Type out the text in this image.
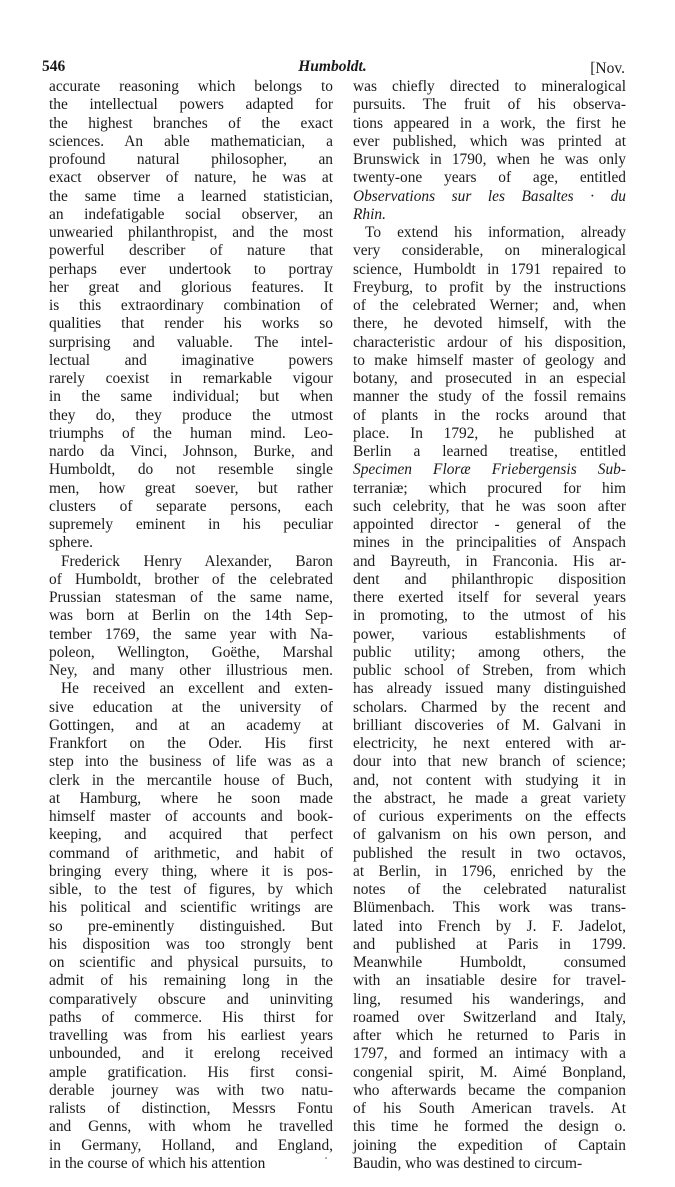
546	Humboldt.	[Nov.
accurate reasoning which belongs to
the intellectual powers adapted for
the highest branches of the exact
sciences. An able mathematician, a
profound natural philosopher, an
exact observer of nature, he was at
the same time a learned statistician,
an indefatigable social observer, an
unwearied philanthropist, and the most
powerful describer of nature that
perhaps ever undertook to portray
her great and glorious features. It
is this extraordinary combination of
qualities that render his works so
surprising and valuable. The intel-
lectual and imaginative powers
rarely coexist in remarkable vigour
in the same individual; but when
they do, they produce the utmost
triumphs of the human mind. Leo-
nardo da Vinci, Johnson, Burke, and
Humboldt, do not resemble single
men, how great soever, but rather
clusters of separate persons, each
supremely eminent in his peculiar
sphere.
Frederick Henry Alexander, Baron
of Humboldt, brother of the celebrated
Prussian statesman of the same name,
was born at Berlin on the 14th Sep-
tember 1769, the same year with Na-
poleon, Wellington, Goëthe, Marshal
Ney, and many other illustrious men.
He received an excellent and exten-
sive education at the university of
Gottingen, and at an academy at
Frankfort on the Oder. His first
step into the business of life was as a
clerk in the mercantile house of Buch,
at Hamburg, where he soon made
himself master of accounts and book-
keeping, and acquired that perfect
command of arithmetic, and habit of
bringing every thing, where it is pos-
sible, to the test of figures, by which
his political and scientific writings are
so pre-eminently distinguished. But
his disposition was too strongly bent
on scientific and physical pursuits, to
admit of his remaining long in the
comparatively obscure and uninviting
paths of commerce. His thirst for
travelling was from his earliest years
unbounded, and it erelong received
ample gratification. His first consi-
derable journey was with two natu-
ralists of distinction, Messrs Fontu
and Genns, with whom he travelled
in Germany, Holland, and England,
in the course of which his attention
was chiefly directed to mineralogical
pursuits. The fruit of his observa-
tions appeared in a work, the first he
ever published, which was printed at
Brunswick in 1790, when he was only
twenty-one years of age, entitled
Observations sur les Basaltes · du
Rhin.
To extend his information, already
very considerable, on mineralogical
science, Humboldt in 1791 repaired to
Freyburg, to profit by the instructions
of the celebrated Werner; and, when
there, he devoted himself, with the
characteristic ardour of his disposition,
to make himself master of geology and
botany, and prosecuted in an especial
manner the study of the fossil remains
of plants in the rocks around that
place. In 1792, he published at
Berlin a learned treatise, entitled
Specimen Floræ Friebergensis Sub-
terraniæ; which procured for him
such celebrity, that he was soon after
appointed director - general of the
mines in the principalities of Anspach
and Bayreuth, in Franconia. His ar-
dent and philanthropic disposition
there exerted itself for several years
in promoting, to the utmost of his
power, various establishments of
public utility; among others, the
public school of Streben, from which
has already issued many distinguished
scholars. Charmed by the recent and
brilliant discoveries of M. Galvani in
electricity, he next entered with ar-
dour into that new branch of science;
and, not content with studying it in
the abstract, he made a great variety
of curious experiments on the effects
of galvanism on his own person, and
published the result in two octavos,
at Berlin, in 1796, enriched by the
notes of the celebrated naturalist
Blümenbach. This work was trans-
lated into French by J. F. Jadelot,
and published at Paris in 1799.
Meanwhile Humboldt, consumed
with an insatiable desire for travel-
ling, resumed his wanderings, and
roamed over Switzerland and Italy,
after which he returned to Paris in
1797, and formed an intimacy with a
congenial spirit, M. Aimé Bonpland,
who afterwards became the companion
of his South American travels. At
this time he formed the design o.
joining the expedition of Captain
Baudin, who was destined to circum-
